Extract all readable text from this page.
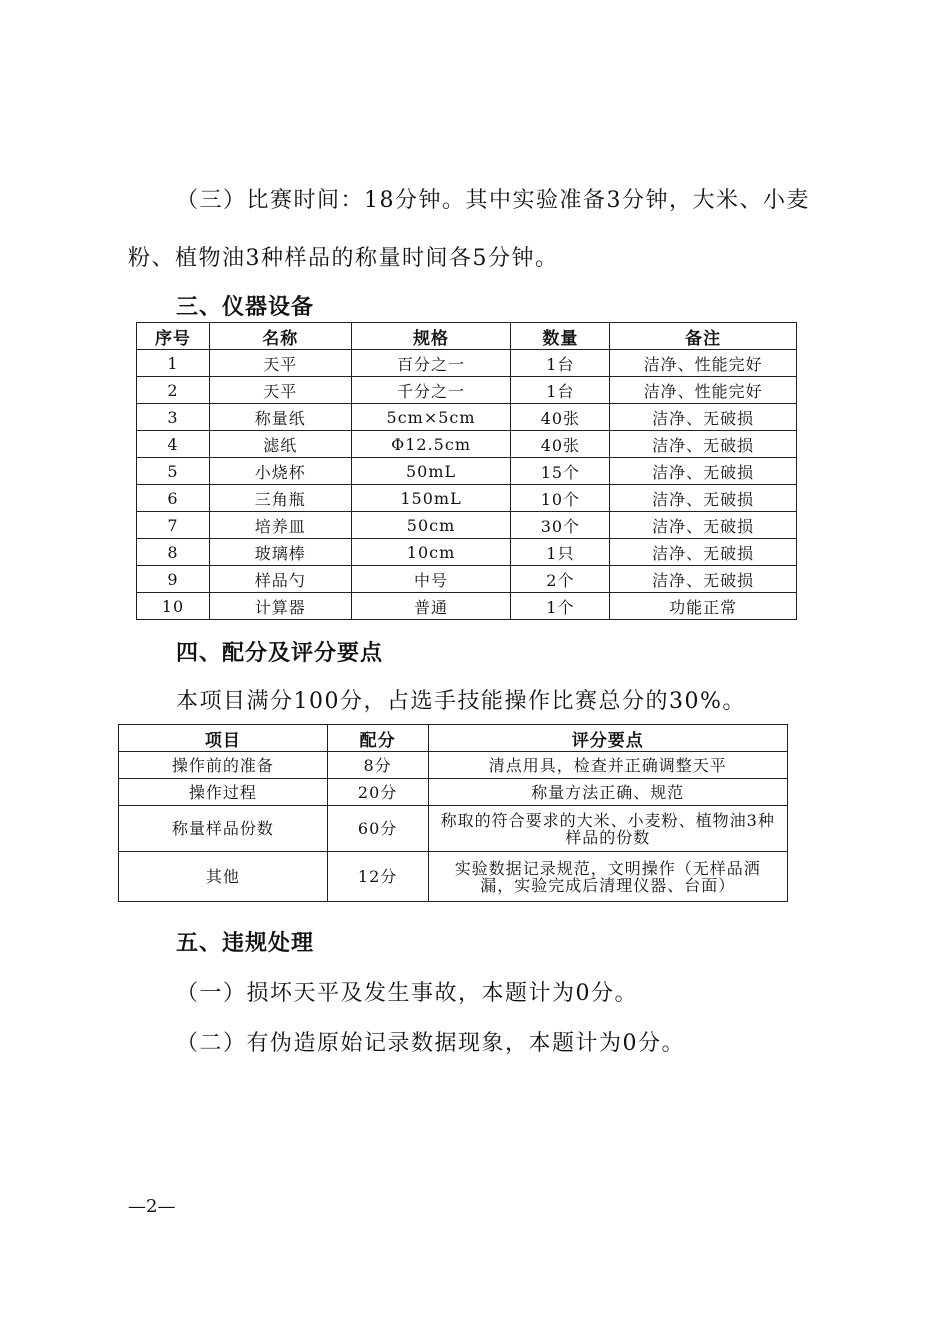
（三）比赛时间：18分钟。其中实验准备3分钟，大米、小麦粉、植物油3种样品的称量时间各5分钟。

三、仪器设备
序号	名称	规格	数量	备注
1	天平	百分之一	1台	洁净、性能完好
2	天平	千分之一	1台	洁净、性能完好
3	称量纸	5cm×5cm	40张	洁净、无破损
4	滤纸	Φ12.5cm	40张	洁净、无破损
5	小烧杯	50mL	15个	洁净、无破损
6	三角瓶	150mL	10个	洁净、无破损
7	培养皿	50cm	30个	洁净、无破损
8	玻璃棒	10cm	1只	洁净、无破损
9	样品勺	中号	2个	洁净、无破损
10	计算器	普通	1个	功能正常
四、配分及评分要点

本项目满分100分，占选手技能操作比赛总分的30%。

项目	配分	评分要点
操作前的准备	8分	清点用具，检查并正确调整天平
操作过程	20分	称量方法正确、规范
称量样品份数	60分	称取的符合要求的大米、小麦粉、植物油3种样品的份数
其他	12分	实验数据记录规范，文明操作（无样品洒漏，实验完成后清理仪器、台面）
五、违规处理

（一）损坏天平及发生事故，本题计为0分。

（二）有伪造原始记录数据现象，本题计为0分。

—2—
